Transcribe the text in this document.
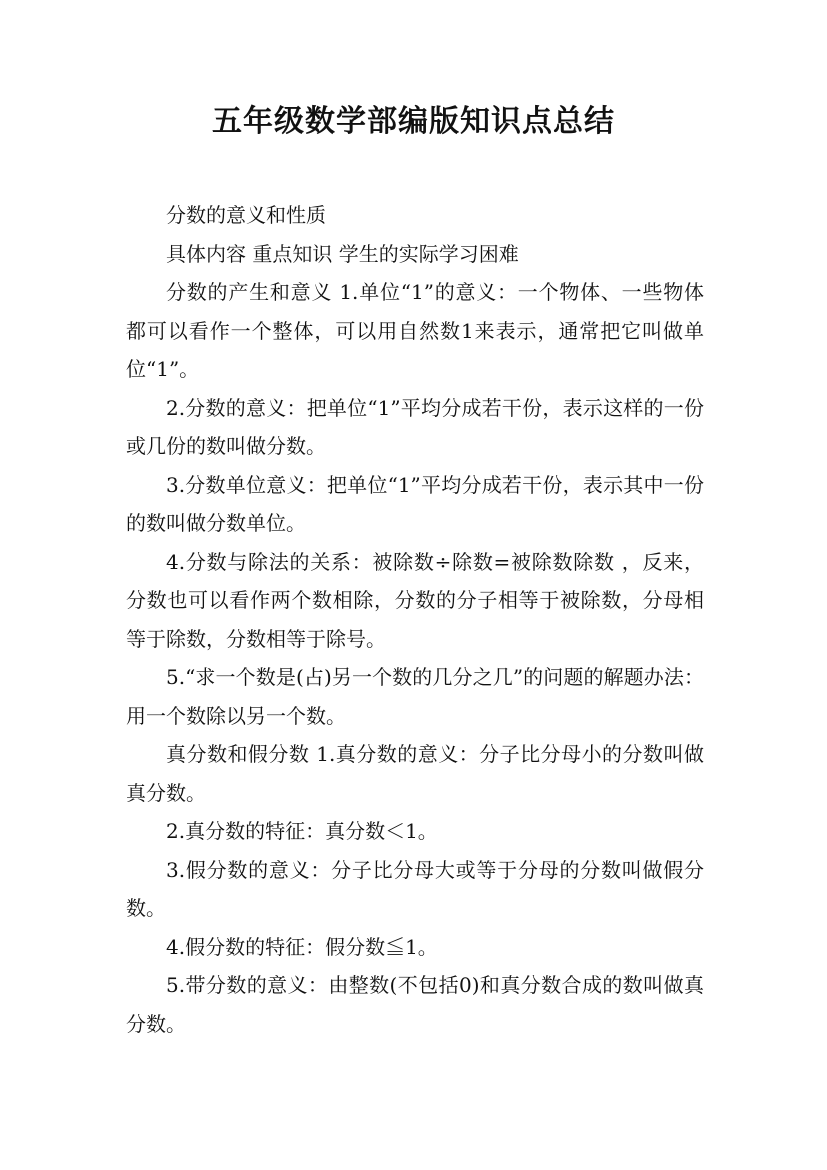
五年级数学部编版知识点总结

分数的意义和性质

具体内容 重点知识 学生的实际学习困难

分数的产生和意义 1.单位“1”的意义：一个物体、一些物体都可以看作一个整体，可以用自然数1来表示，通常把它叫做单位“1”。

2.分数的意义：把单位“1”平均分成若干份，表示这样的一份或几份的数叫做分数。

3.分数单位意义：把单位“1”平均分成若干份，表示其中一份的数叫做分数单位。

4.分数与除法的关系：被除数÷除数=被除数除数 ，反来，分数也可以看作两个数相除，分数的分子相等于被除数，分母相等于除数，分数相等于除号。

5.“求一个数是(占)另一个数的几分之几”的问题的解题办法：用一个数除以另一个数。

真分数和假分数 1.真分数的意义：分子比分母小的分数叫做真分数。

2.真分数的特征：真分数＜1。

3.假分数的意义：分子比分母大或等于分母的分数叫做假分数。

4.假分数的特征：假分数≦1。

5.带分数的意义：由整数(不包括0)和真分数合成的数叫做真分数。
